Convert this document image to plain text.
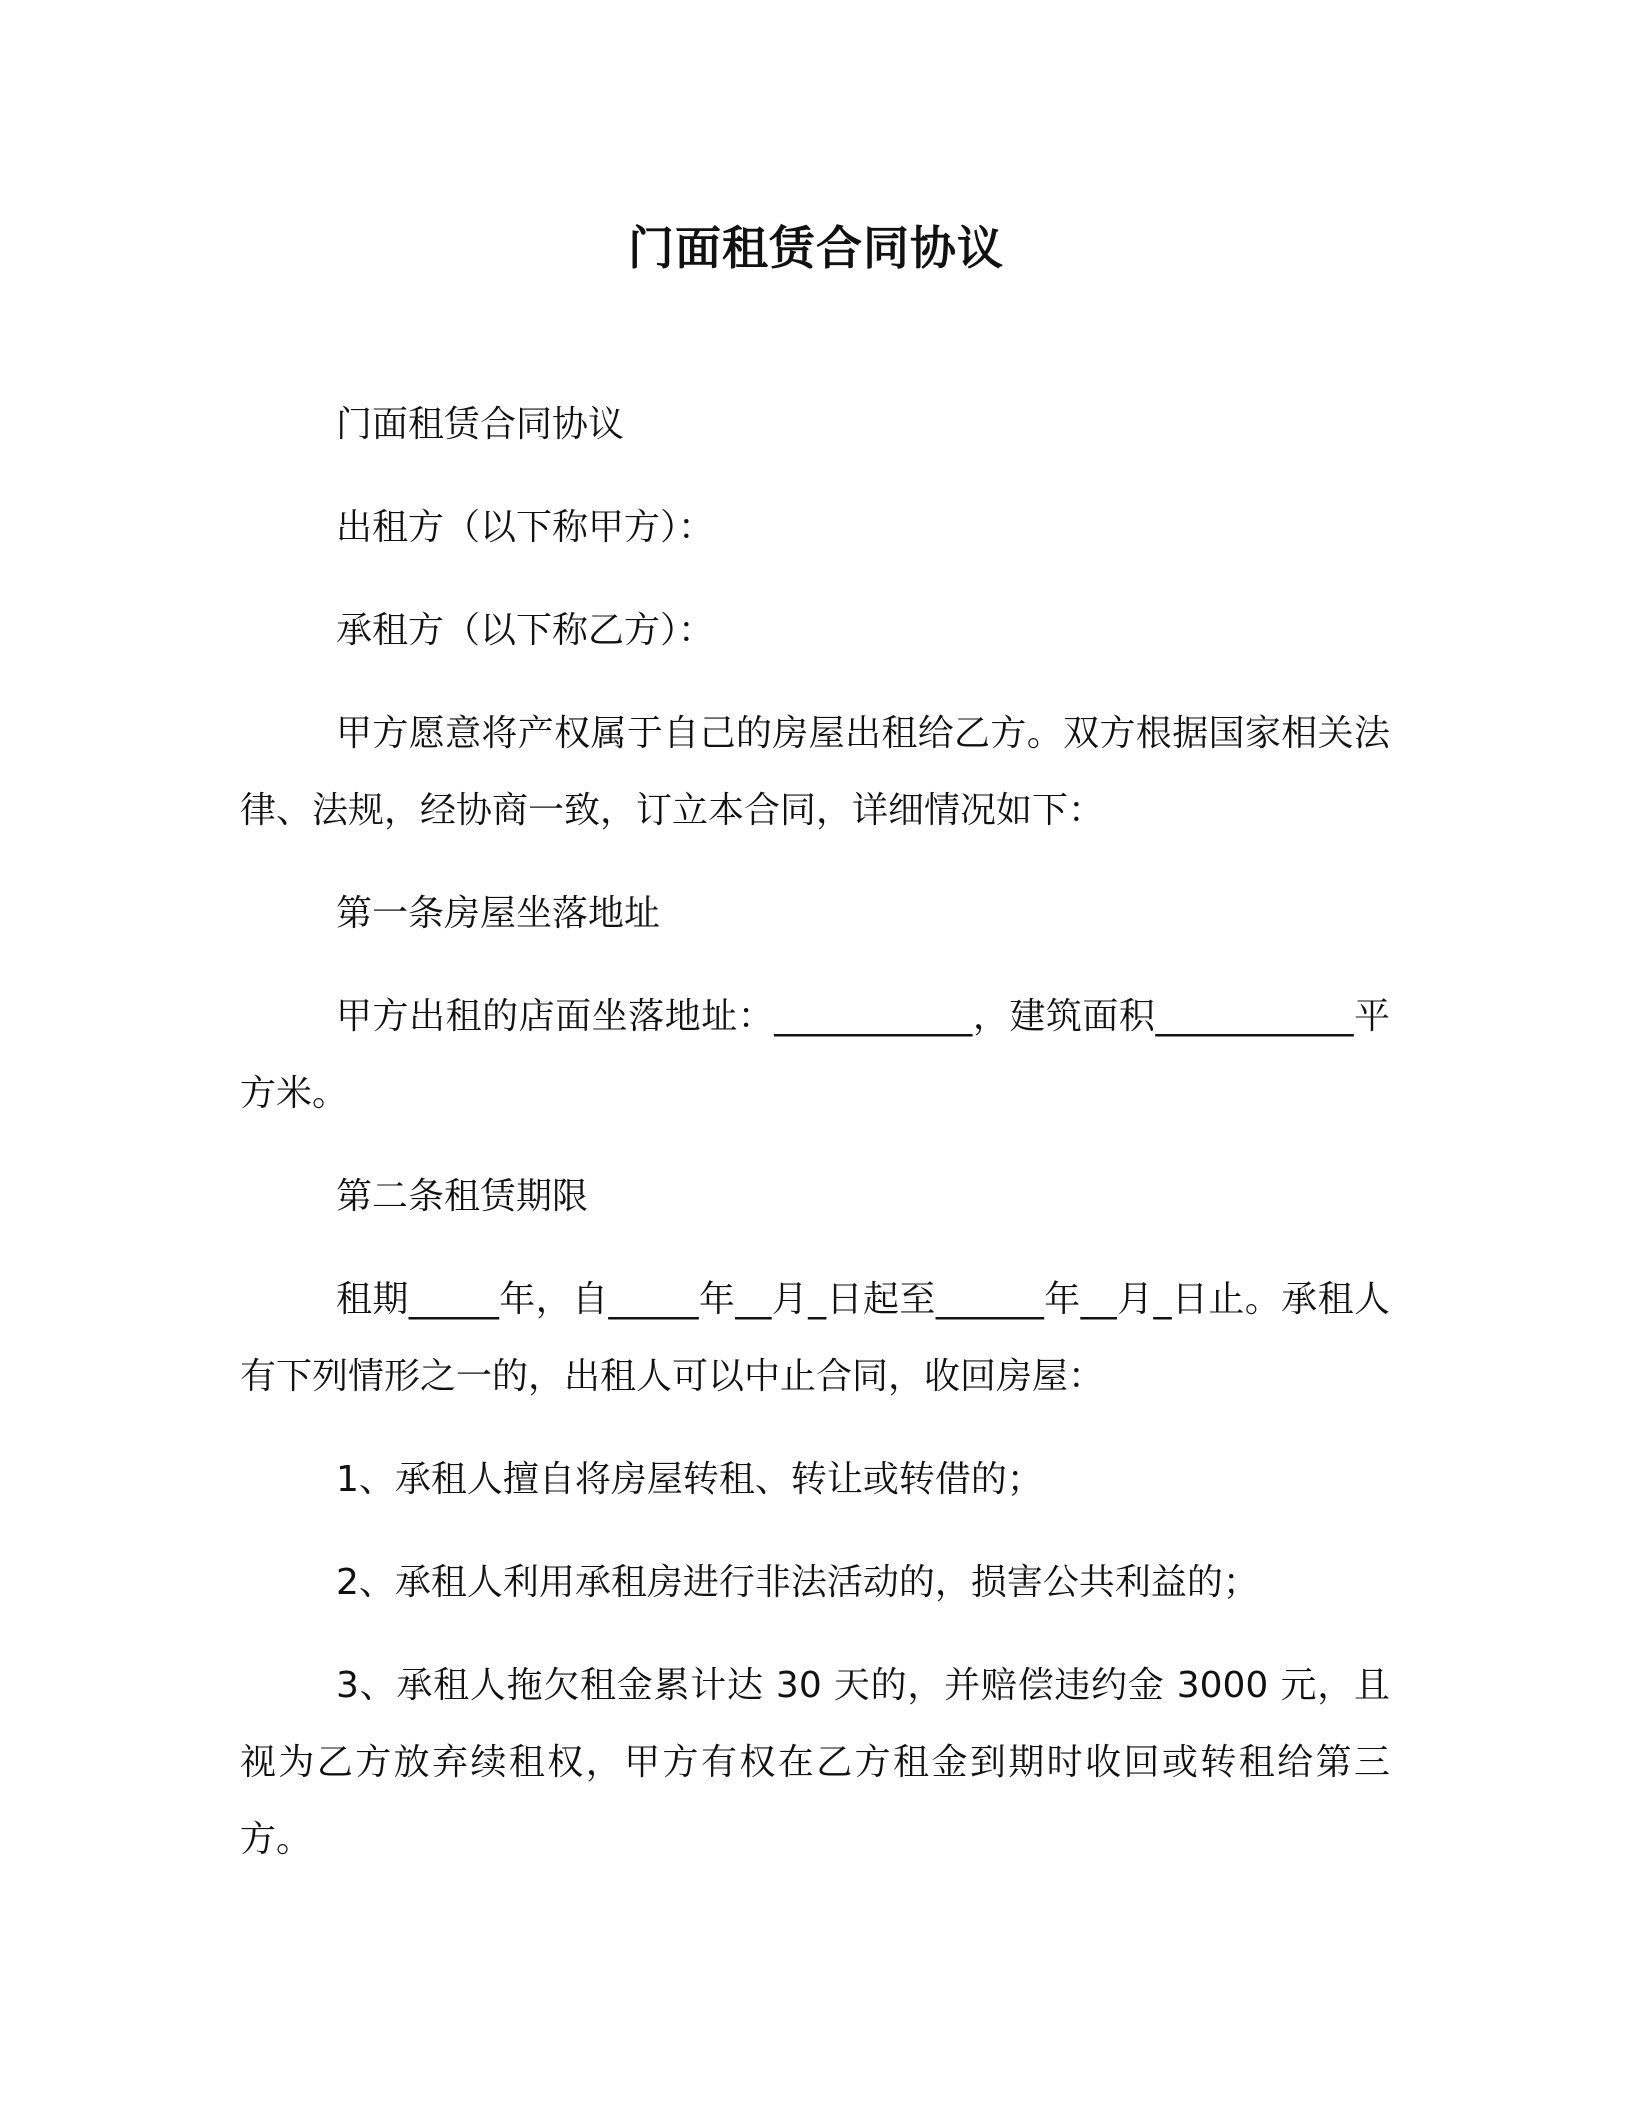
门面租赁合同协议

门面租赁合同协议

出租方（以下称甲方）：

承租方（以下称乙方）：

甲方愿意将产权属于自己的房屋出租给乙方。双方根据国家相关法律、法规，经协商一致，订立本合同，详细情况如下：

第一条房屋坐落地址

甲方出租的店面坐落地址：___________，建筑面积___________平方米。

第二条租赁期限

租期_____年，自_____年__月_日起至______年__月_日止。承租人有下列情形之一的，出租人可以中止合同，收回房屋：

1、承租人擅自将房屋转租、转让或转借的；

2、承租人利用承租房进行非法活动的，损害公共利益的；

3、承租人拖欠租金累计达 30 天的，并赔偿违约金 3000 元，且视为乙方放弃续租权，甲方有权在乙方租金到期时收回或转租给第三方。
